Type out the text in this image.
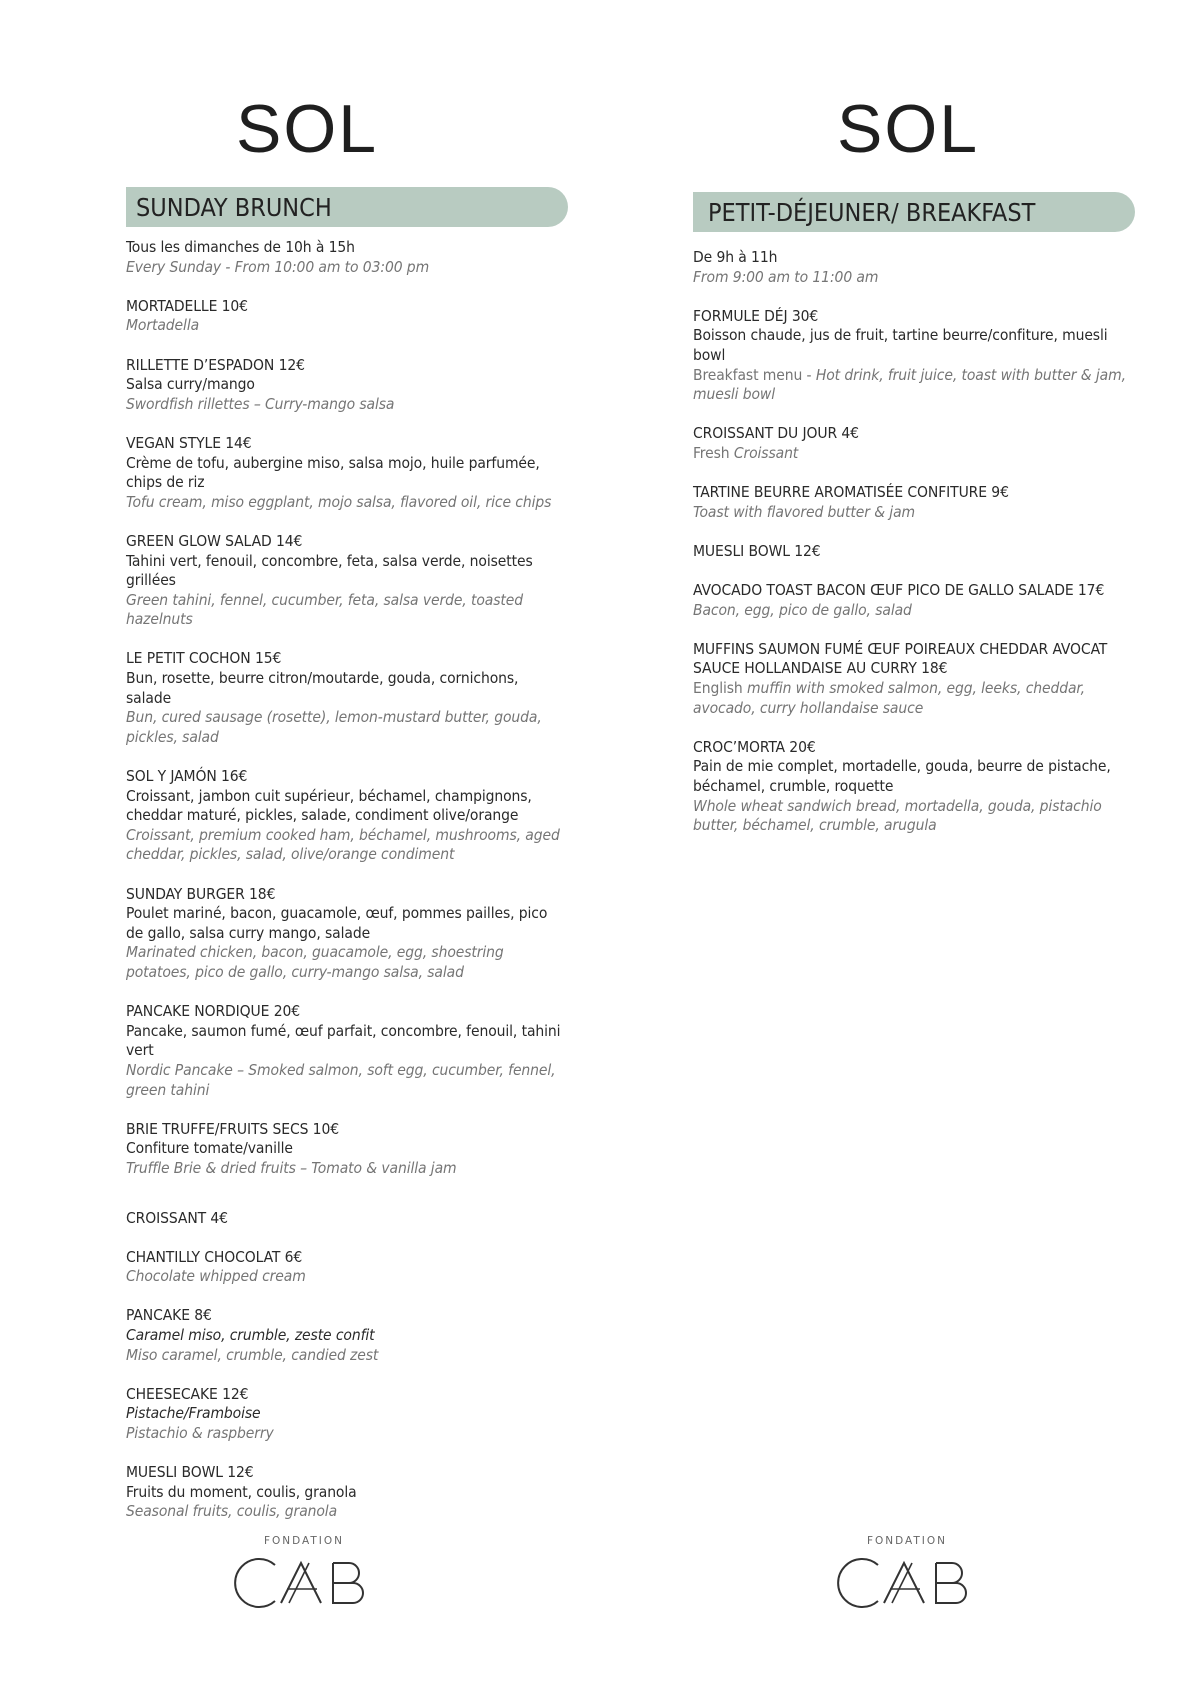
SOL
SUNDAY BRUNCH

Tous les dimanches de 10h à 15h

Every Sunday - From 10:00 am to 03:00 pm

MORTADELLE 10€

Mortadella

RILLETTE D’ESPADON 12€

Salsa curry/mango

Swordfish rillettes – Curry-mango salsa

VEGAN STYLE 14€

Crème de tofu, aubergine miso, salsa mojo, huile parfumée,

chips de riz

Tofu cream, miso eggplant, mojo salsa, flavored oil, rice chips

GREEN GLOW SALAD 14€

Tahini vert, fenouil, concombre, feta, salsa verde, noisettes

grillées

Green tahini, fennel, cucumber, feta, salsa verde, toasted

hazelnuts

LE PETIT COCHON 15€

Bun, rosette, beurre citron/moutarde, gouda, cornichons,

salade

Bun, cured sausage (rosette), lemon-mustard butter, gouda,

pickles, salad

SOL Y JAMÓN 16€

Croissant, jambon cuit supérieur, béchamel, champignons,

cheddar maturé, pickles, salade, condiment olive/orange

Croissant, premium cooked ham, béchamel, mushrooms, aged

cheddar, pickles, salad, olive/orange condiment

SUNDAY BURGER 18€

Poulet mariné, bacon, guacamole, œuf, pommes pailles, pico

de gallo, salsa curry mango, salade

Marinated chicken, bacon, guacamole, egg, shoestring

potatoes, pico de gallo, curry-mango salsa, salad

PANCAKE NORDIQUE 20€

Pancake, saumon fumé, œuf parfait, concombre, fenouil, tahini

vert

Nordic Pancake – Smoked salmon, soft egg, cucumber, fennel,

green tahini

BRIE TRUFFE/FRUITS SECS 10€

Confiture tomate/vanille

Truffle Brie & dried fruits – Tomato & vanilla jam

CROISSANT 4€

CHANTILLY CHOCOLAT 6€

Chocolate whipped cream

PANCAKE 8€

Caramel miso, crumble, zeste confit

Miso caramel, crumble, candied zest

CHEESECAKE 12€

Pistache/Framboise

Pistachio & raspberry

MUESLI BOWL 12€

Fruits du moment, coulis, granola

Seasonal fruits, coulis, granola

FONDATION
SOL
PETIT-DÉJEUNER/ BREAKFAST

De 9h à 11h

From 9:00 am to 11:00 am

FORMULE DÉJ 30€

Boisson chaude, jus de fruit, tartine beurre/confiture, muesli

bowl

Breakfast menu - Hot drink, fruit juice, toast with butter & jam,

muesli bowl

CROISSANT DU JOUR 4€

Fresh Croissant

TARTINE BEURRE AROMATISÉE CONFITURE 9€

Toast with flavored butter & jam

MUESLI BOWL 12€

AVOCADO TOAST BACON ŒUF PICO DE GALLO SALADE 17€

Bacon, egg, pico de gallo, salad

MUFFINS SAUMON FUMÉ ŒUF POIREAUX CHEDDAR AVOCAT

SAUCE HOLLANDAISE AU CURRY 18€

English muffin with smoked salmon, egg, leeks, cheddar,

avocado, curry hollandaise sauce

CROC’MORTA 20€

Pain de mie complet, mortadelle, gouda, beurre de pistache,

béchamel, crumble, roquette

Whole wheat sandwich bread, mortadella, gouda, pistachio

butter, béchamel, crumble, arugula

FONDATION
